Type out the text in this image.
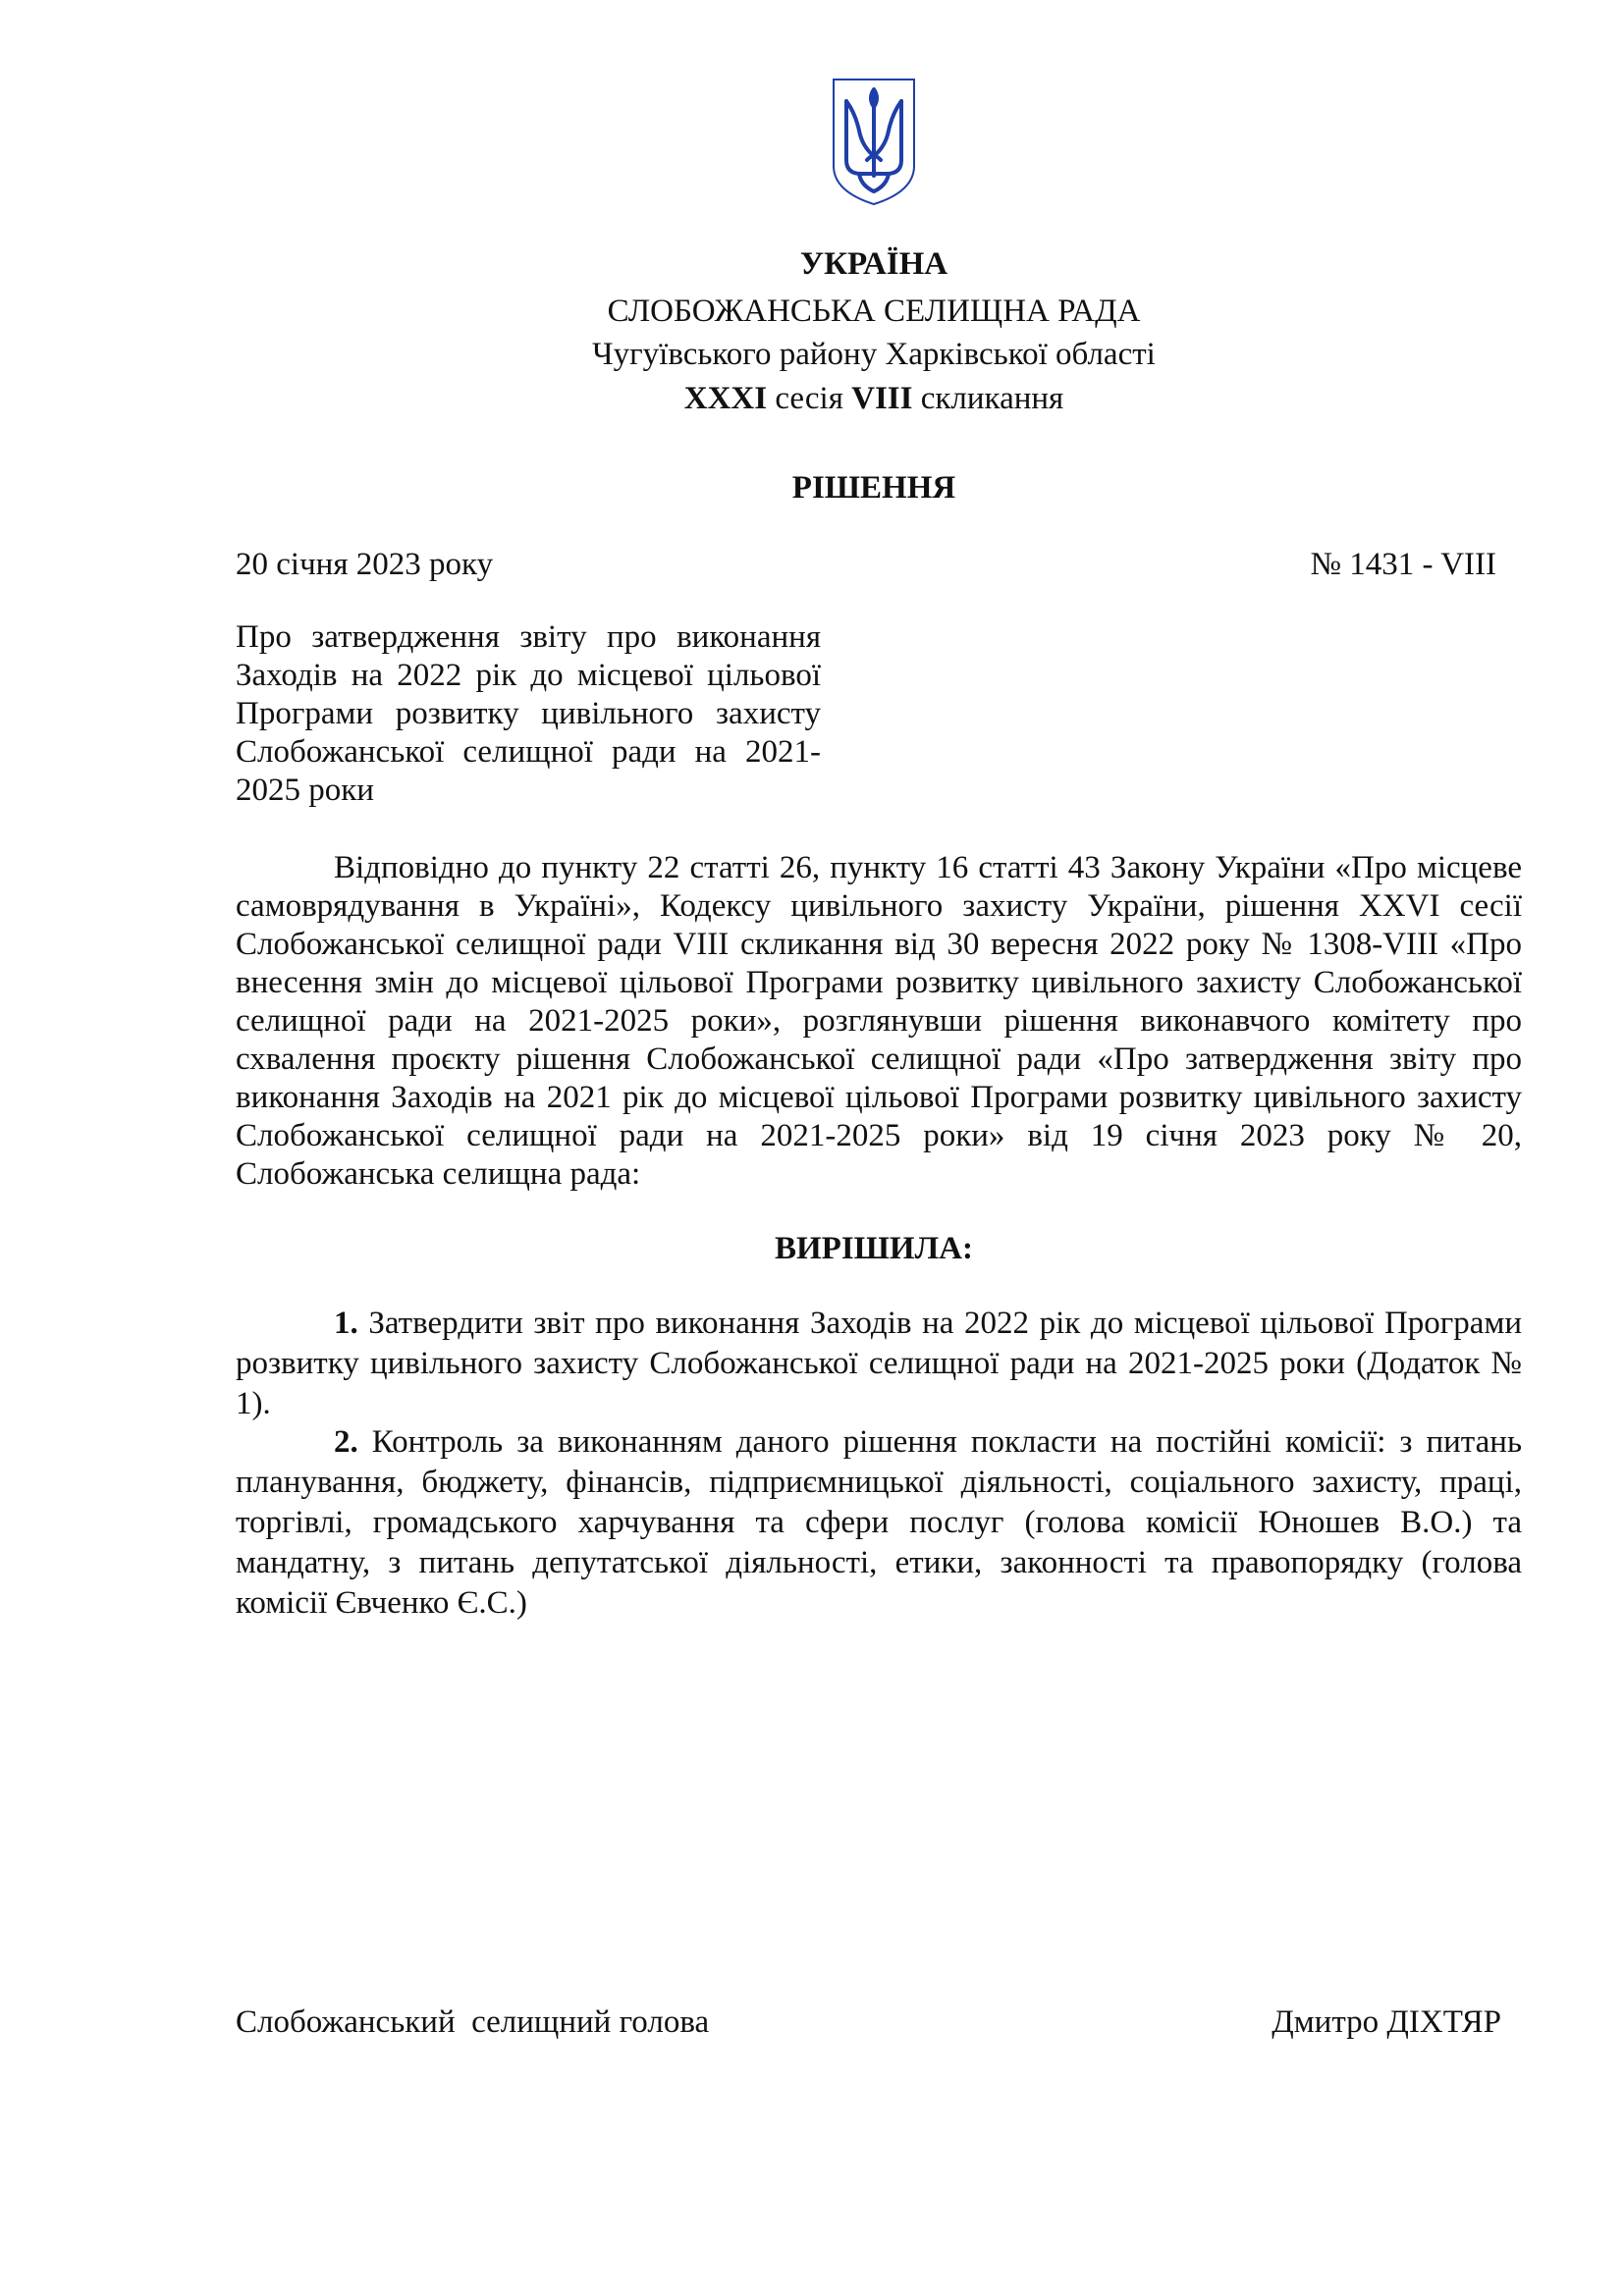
УКРАЇНА
СЛОБОЖАНСЬКА СЕЛИЩНА РАДА
Чугуївського району Харківської області
XXXI сесія VIII скликання
РІШЕННЯ
20 січня 2023 року	№ 1431 - VIII
Про затвердження звіту про виконання Заходів на 2022 рік до місцевої цільової Програми розвитку цивільного захисту Слобожанської селищної ради на 2021-2025 роки
Відповідно до пункту 22 статті 26, пункту 16 статті 43 Закону України «Про місцеве самоврядування в Україні», Кодексу цивільного захисту України, рішення XXVI сесії Слобожанської селищної ради VIII скликання від 30 вересня 2022 року № 1308-VIII «Про внесення змін до місцевої цільової Програми розвитку цивільного захисту Слобожанської селищної ради на 2021-2025 роки», розглянувши рішення виконавчого комітету про схвалення проєкту рішення Слобожанської селищної ради «Про затвердження звіту про виконання Заходів на 2021 рік до місцевої цільової Програми розвитку цивільного захисту Слобожанської селищної ради на 2021-2025 роки» від 19 січня 2023 року № 20, Слобожанська селищна рада:
ВИРІШИЛА:
1. Затвердити звіт про виконання Заходів на 2022 рік до місцевої цільової Програми розвитку цивільного захисту Слобожанської селищної ради на 2021-2025 роки (Додаток № 1).
2. Контроль за виконанням даного рішення покласти на постійні комісії: з питань планування, бюджету, фінансів, підприємницької діяльності, соціального захисту, праці, торгівлі, громадського харчування та сфери послуг (голова комісії Юношев В.О.) та мандатну, з питань депутатської діяльності, етики, законності та правопорядку (голова комісії Євченко Є.С.)
Слобожанський  селищний голова	Дмитро ДІХТЯР
